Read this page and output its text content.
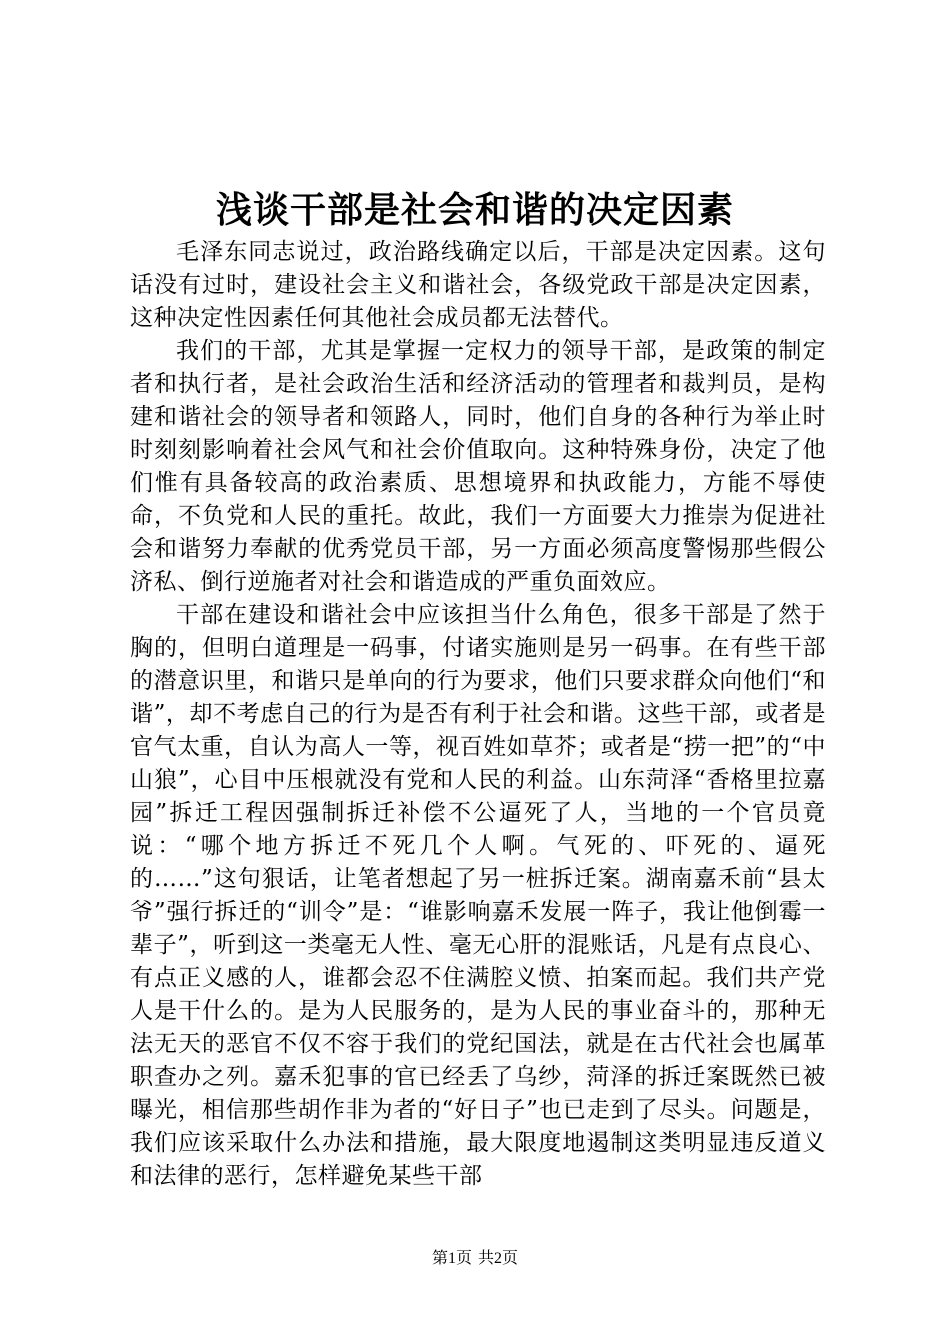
浅谈干部是社会和谐的决定因素

毛泽东同志说过，政治路线确定以后，干部是决定因素。这句话没有过时，建设社会主义和谐社会，各级党政干部是决定因素，这种决定性因素任何其他社会成员都无法替代。

我们的干部，尤其是掌握一定权力的领导干部，是政策的制定者和执行者，是社会政治生活和经济活动的管理者和裁判员，是构建和谐社会的领导者和领路人，同时，他们自身的各种行为举止时时刻刻影响着社会风气和社会价值取向。这种特殊身份，决定了他们惟有具备较高的政治素质、思想境界和执政能力，方能不辱使命，不负党和人民的重托。故此，我们一方面要大力推崇为促进社会和谐努力奉献的优秀党员干部，另一方面必须高度警惕那些假公济私、倒行逆施者对社会和谐造成的严重负面效应。

干部在建设和谐社会中应该担当什么角色，很多干部是了然于胸的，但明白道理是一码事，付诸实施则是另一码事。在有些干部的潜意识里，和谐只是单向的行为要求，他们只要求群众向他们“和谐”，却不考虑自己的行为是否有利于社会和谐。这些干部，或者是官气太重，自认为高人一等，视百姓如草芥；或者是“捞一把”的“中山狼”，心目中压根就没有党和人民的利益。山东菏泽“香格里拉嘉园”拆迁工程因强制拆迁补偿不公逼死了人，当地的一个官员竟说：“哪个地方拆迁不死几个人啊。气死的、吓死的、逼死的……”这句狠话，让笔者想起了另一桩拆迁案。湖南嘉禾前“县太爷”强行拆迁的“训令”是：“谁影响嘉禾发展一阵子，我让他倒霉一辈子”，听到这一类毫无人性、毫无心肝的混账话，凡是有点良心、有点正义感的人，谁都会忍不住满腔义愤、拍案而起。我们共产党人是干什么的。是为人民服务的，是为人民的事业奋斗的，那种无法无天的恶官不仅不容于我们的党纪国法，就是在古代社会也属革职查办之列。嘉禾犯事的官已经丢了乌纱，菏泽的拆迁案既然已被曝光，相信那些胡作非为者的“好日子”也已走到了尽头。问题是，我们应该采取什么办法和措施，最大限度地遏制这类明显违反道义和法律的恶行，怎样避免某些干部

第1页 共2页
